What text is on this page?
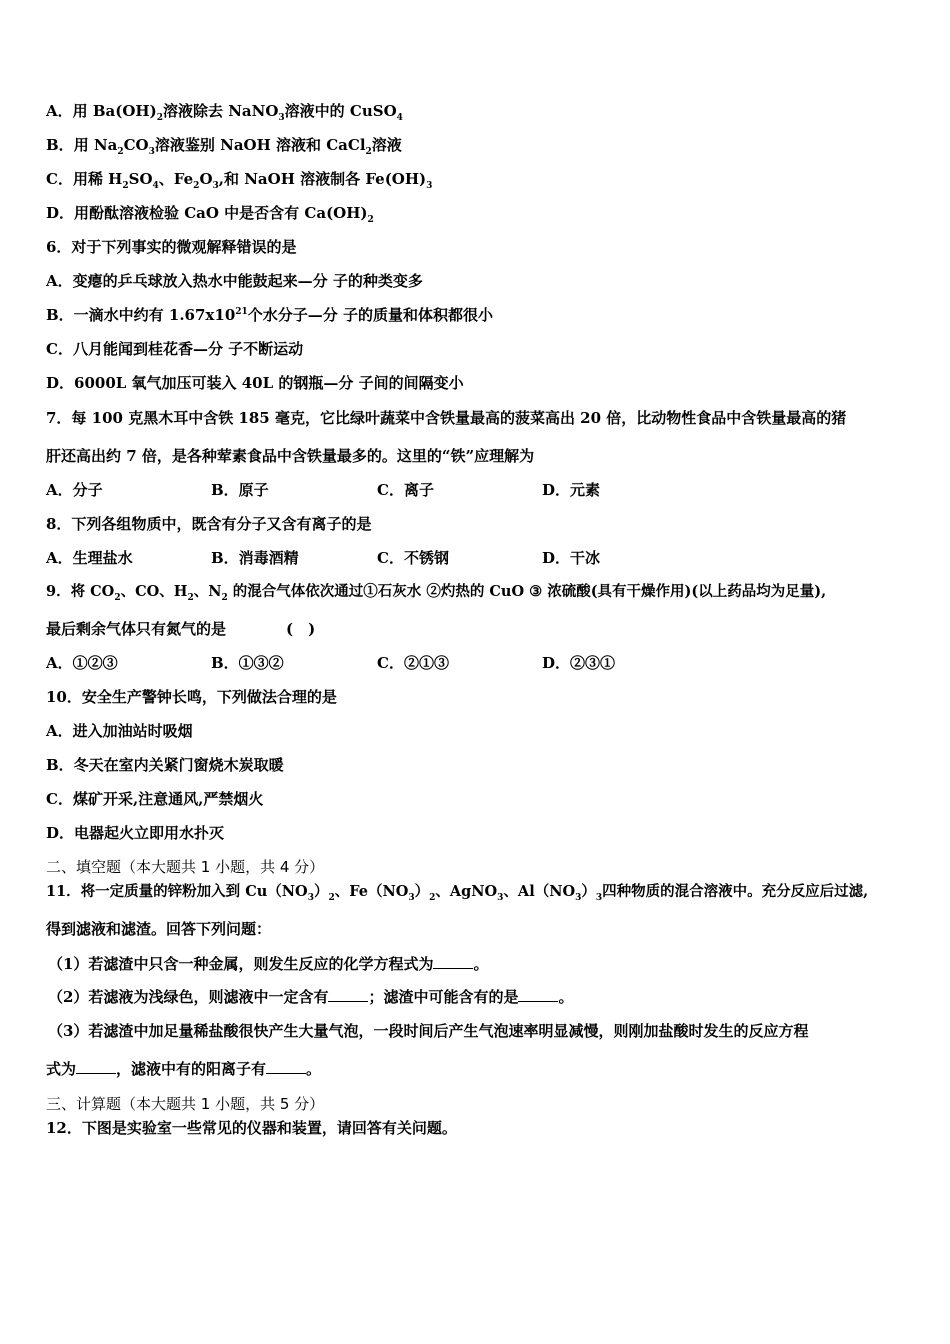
A．用 $Ba(OH)_2$溶液除去 NaNO$_3$溶液中的 CuSO$_4$
B．用 $Na_2CO_3$溶液鉴别 NaOH 溶液和 CaCl$_2$溶液
C．用稀 $H_2SO_4$、$Fe_2O_3$,和 NaOH 溶液制各 $Fe(OH)_3$
D．用酚酞溶液检验 CaO 中是否含有 $Ca(OH)_2$
6．对于下列事实的微观解释错误的是
A．变瘪的乒乓球放入热水中能鼓起来—分 子的种类变多
B．一滴水中约有 $1.67x10^{21}$个水分子—分 子的质量和体积都很小
C．八月能闻到桂花香—分 子不断运动
D．6000L 氧气加压可装入 40L 的钢瓶—分 子间的间隔变小
7．每 100 克黑木耳中含铁 185 毫克，它比绿叶蔬菜中含铁量最高的菠菜高出 20 倍，比动物性食品中含铁量最高的猪
肝还高出约 7 倍，是各种荤素食品中含铁量最多的。这里的“铁”应理解为
A．分子	B．原子	C．离子	D．元素
8．下列各组物质中，既含有分子又含有离子的是
A．生理盐水	B．消毒酒精	C．不锈钢	D．干冰
9．将 $CO_2$、CO、$H_2$、$N_2$ 的混合气体依次通过①石灰水 ②灼热的 CuO ③ 浓硫酸(具有干燥作用)(以上药品均为足量),
最后剩余气体只有氮气的是	(　)
A．①②③	B．①③②	C．②①③	D．②③①
10．安全生产警钟长鸣，下列做法合理的是
A．进入加油站时吸烟
B．冬天在室内关紧门窗烧木炭取暖
C．煤矿开采,注意通风,严禁烟火
D．电器起火立即用水扑灭
二、填空题（本大题共 1 小题，共 4 分）
11．将一定质量的锌粉加入到 $Cu(NO_3)_2$、$Fe(NO_3)_2$、AgNO$_3$、$Al(NO_3)_3$四种物质的混合溶液中。充分反应后过滤,
得到滤液和滤渣。回答下列问题：
（1）若滤渣中只含一种金属，则发生反应的化学方程式为	。
（2）若滤液为浅绿色，则滤液中一定含有	；滤渣中可能含有的是	。
（3）若滤渣中加足量稀盐酸很快产生大量气泡，一段时间后产生气泡速率明显减慢，则刚加盐酸时发生的反应方程
式为	，滤液中有的阳离子有	。
三、计算题（本大题共 1 小题，共 5 分）
12．下图是实验室一些常见的仪器和装置，请回答有关问题。
